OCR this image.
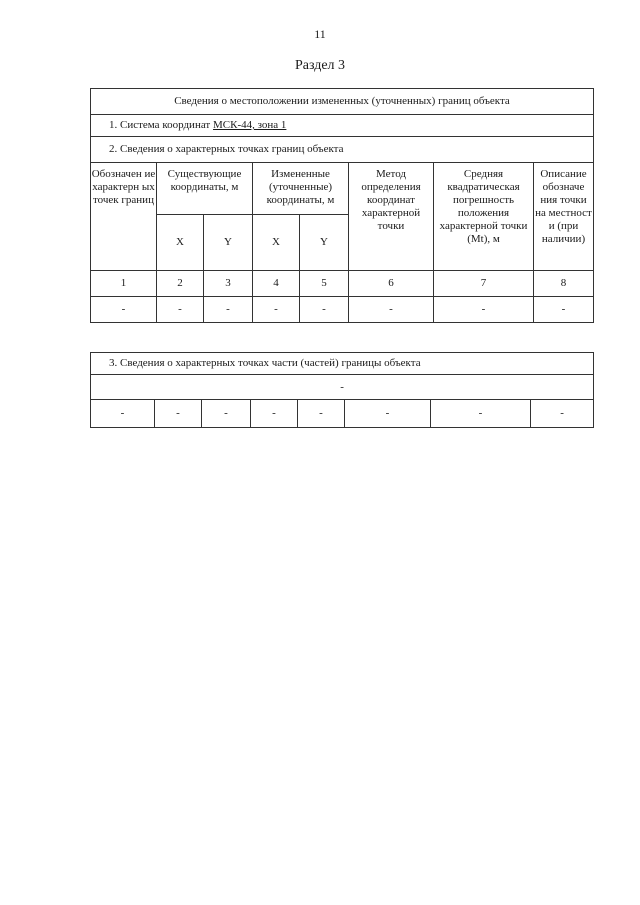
11
Раздел 3
Сведения о местоположении измененных (уточненных) границ объекта							
1. Система координат МСК-44, зона 1							
2. Сведения о характерных точках границ объекта							
Обозначен ие характерн ых точек границ	Существующие координаты, м		Измененные (уточненные) координаты, м		Метод определения координат характерной точки	Средняя квадратическая погрешность положения характерной точки (Mt), м	Описание обозначе ния точки на местност и (при наличии)
	X	Y	X	Y			
1	2	3	4	5	6	7	8
-	-	-	-	-	-	-	-
3. Сведения о характерных точках части (частей) границы объекта
-
-	-	-	-	-	-	-	-
